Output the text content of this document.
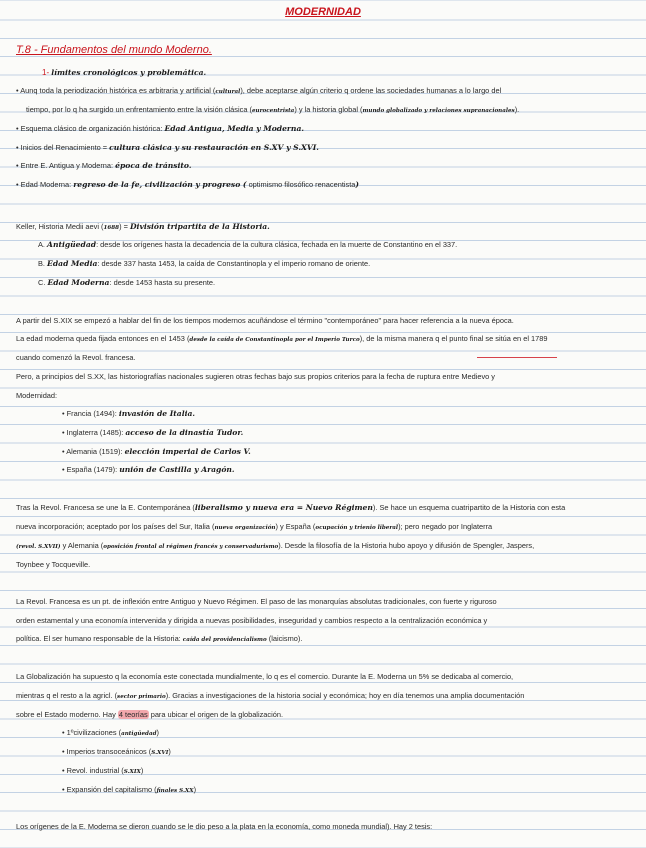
MODERNIDAD
T.8 - Fundamentos del mundo Moderno.
1- límites cronológicos y problemática.
• Aunq toda la periodización histórica es arbitraria y artificial (cultural), debe aceptarse algún criterio q ordene las sociedades humanas a lo largo del
tiempo, por lo q ha surgido un enfrentamiento entre la visión clásica (eurocentrista) y la historia global (mundo globalizado y relaciones supranacionales).
• Esquema clásico de organización histórica: Edad Antigua, Media y Moderna.
• Inicios del Renacimiento = cultura clásica y su restauración en S.XV y S.XVI.
• Entre E. Antigua y Moderna: época de tránsito.
• Edad Moderna: regreso de la fe, civilización y progreso ( optimismo filosófico renacentista)
Keller, Historia Medii aevi (1688) = División tripartita de la Historia.
A. Antigüedad: desde los orígenes hasta la decadencia de la cultura clásica, fechada en la muerte de Constantino en el 337.
B. Edad Media: desde 337 hasta 1453, la caída de Constantinopla y el imperio romano de oriente.
C. Edad Moderna: desde 1453 hasta su presente.
A partir del S.XIX se empezó a hablar del fin de los tiempos modernos acuñándose el término "contemporáneo" para hacer referencia a la nueva época.
La edad moderna queda fijada entonces en el 1453 (desde la caída de Constantinopla por el Imperio Turco), de la misma manera q el punto final se sitúa en el 1789
cuando comenzó la Revol. francesa.
Pero, a principios del S.XX, las historiografías nacionales sugieren otras fechas bajo sus propios criterios para la fecha de ruptura entre Medievo y
Modernidad:
• Francia (1494): invasión de Italia.
• Inglaterra (1485): acceso de la dinastía Tudor.
• Alemania (1519): elección imperial de Carlos V.
• España (1479): unión de Castilla y Aragón.
Tras la Revol. Francesa se une la E. Contemporánea (liberalismo y nueva era = Nuevo Régimen). Se hace un esquema cuatripartito de la Historia con esta
nueva incorporación; aceptado por los países del Sur, Italia (nueva organización) y España (ocupación y trienio liberal); pero negado por Inglaterra
(revol. S.XVII) y Alemania (oposición frontal al régimen francés y conservadurismo). Desde la filosofía de la Historia hubo apoyo y difusión de Spengler, Jaspers,
Toynbee y Tocqueville.
La Revol. Francesa es un pt. de inflexión entre Antiguo y Nuevo Régimen. El paso de las monarquías absolutas tradicionales, con fuerte y riguroso
orden estamental y una economía intervenida y dirigida a nuevas posibilidades, inseguridad y cambios respecto a la centralización económica y
política. El ser humano responsable de la Historia: caída del providencialismo (laicismo).
La Globalización ha supuesto q la economía este conectada mundialmente, lo q es el comercio. Durante la E. Moderna un 5% se dedicaba al comercio,
mientras q el resto a la agricl. (sector primario). Gracias a investigaciones de la historia social y económica; hoy en día tenemos una amplia documentación
sobre el Estado moderno. Hay 4 teorías para ubicar el origen de la globalización.
• 1ºcivilizaciones (antigüedad)
• Imperios transoceánicos (S.XVI)
• Revol. industrial (S.XIX)
• Expansión del capitalismo (finales S.XX)
Los orígenes de la E. Moderna se dieron cuando se le dio peso a la plata en la economía, como moneda mundial). Hay 2 tesis:
